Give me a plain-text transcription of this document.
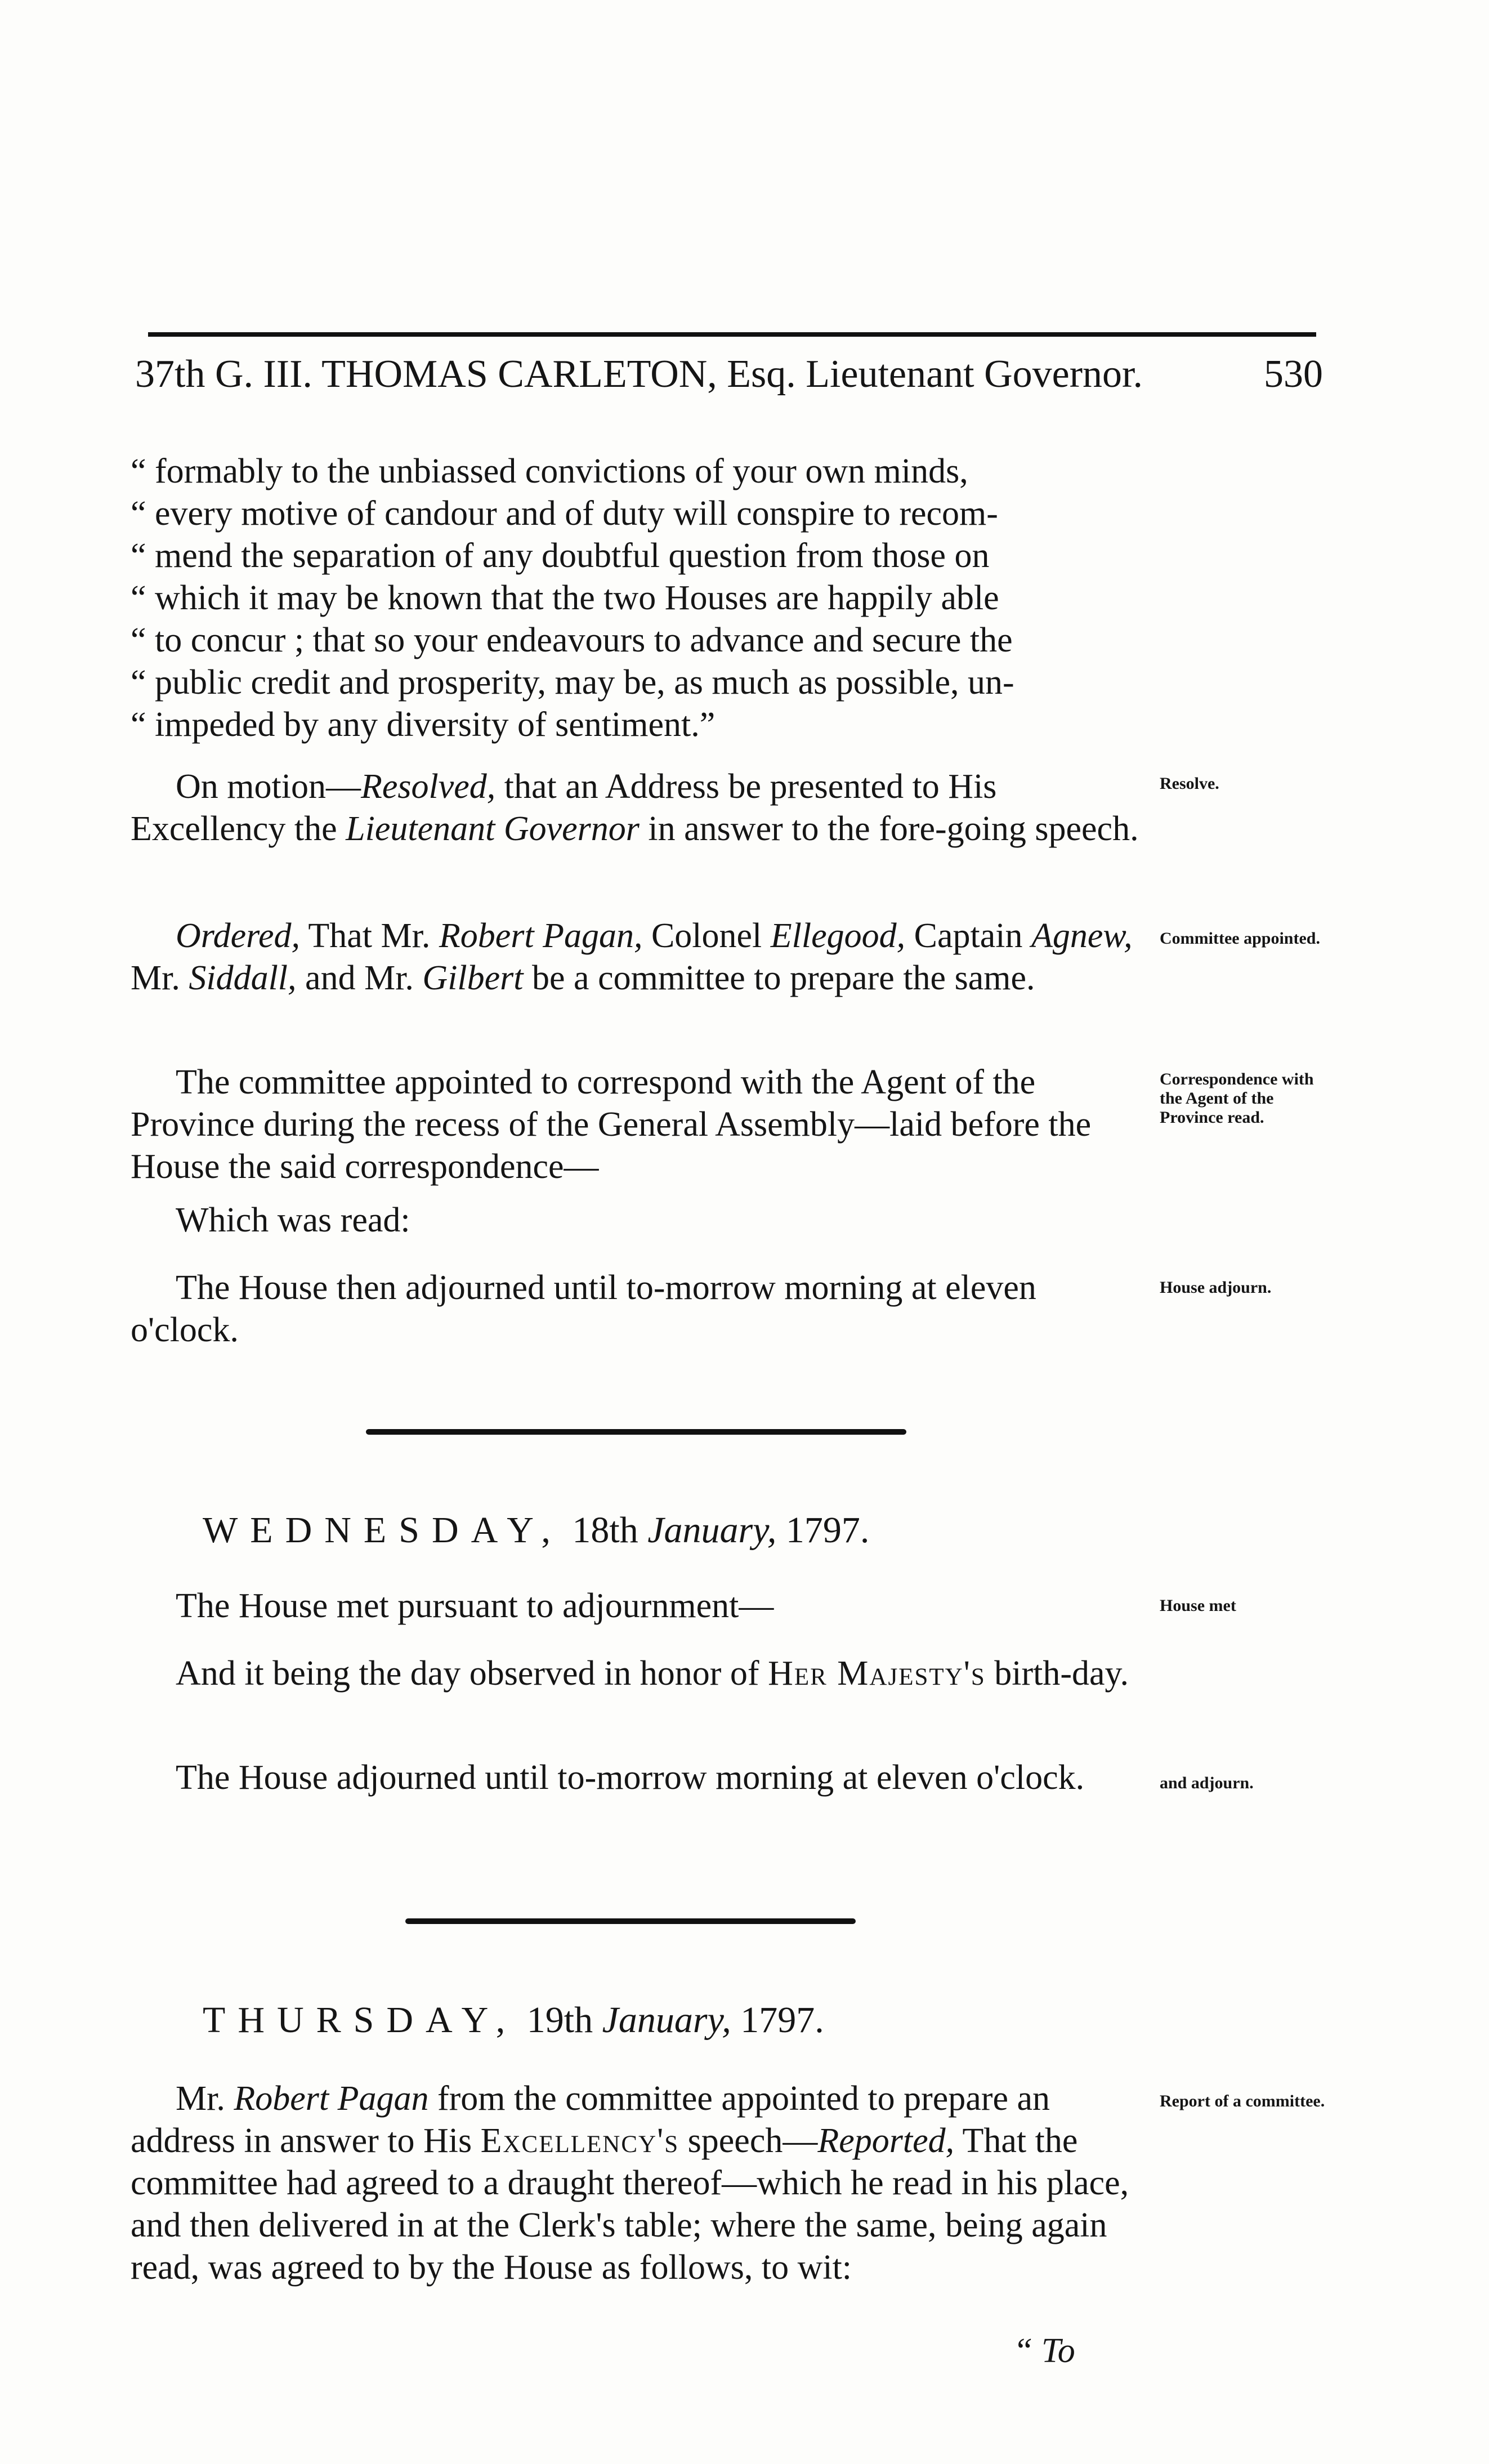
37th G. III. THOMAS CARLETON, Esq. Lieutenant Governor.	530
“ formably to the unbiassed convictions of your own minds,
“ every motive of candour and of duty will conspire to recom-
“ mend the separation of any doubtful question from those on
“ which it may be known that the two Houses are happily able
“ to concur ; that so your endeavours to advance and secure the
“ public credit and prosperity, may be, as much as possible, un-
“ impeded by any diversity of sentiment.”

On motion—Resolved, that an Address be presented to His Excellency the Lieutenant Governor in answer to the fore-going speech.

Resolve.

Ordered, That Mr. Robert Pagan, Colonel Ellegood, Captain Agnew, Mr. Siddall, and Mr. Gilbert be a committee to prepare the same.

Committee appointed.

The committee appointed to correspond with the Agent of the Province during the recess of the General Assembly—laid before the House the said correspondence—

Correspondence with the Agent of the Province read.

Which was read:

The House then adjourned until to-morrow morning at eleven o'clock.

House adjourn.
WEDNESDAY, 18th January, 1797.

The House met pursuant to adjournment—	House met

And it being the day observed in honor of Her Majesty's birth-day.

The House adjourned until to-morrow morning at eleven o'clock.	and adjourn.
THURSDAY, 19th January, 1797.

Mr. Robert Pagan from the committee appointed to prepare an address in answer to His Excellency's speech—Reported, That the committee had agreed to a draught thereof—which he read in his place, and then delivered in at the Clerk's table; where the same, being again read, was agreed to by the House as follows, to wit:

Report of a committee.
“ To
